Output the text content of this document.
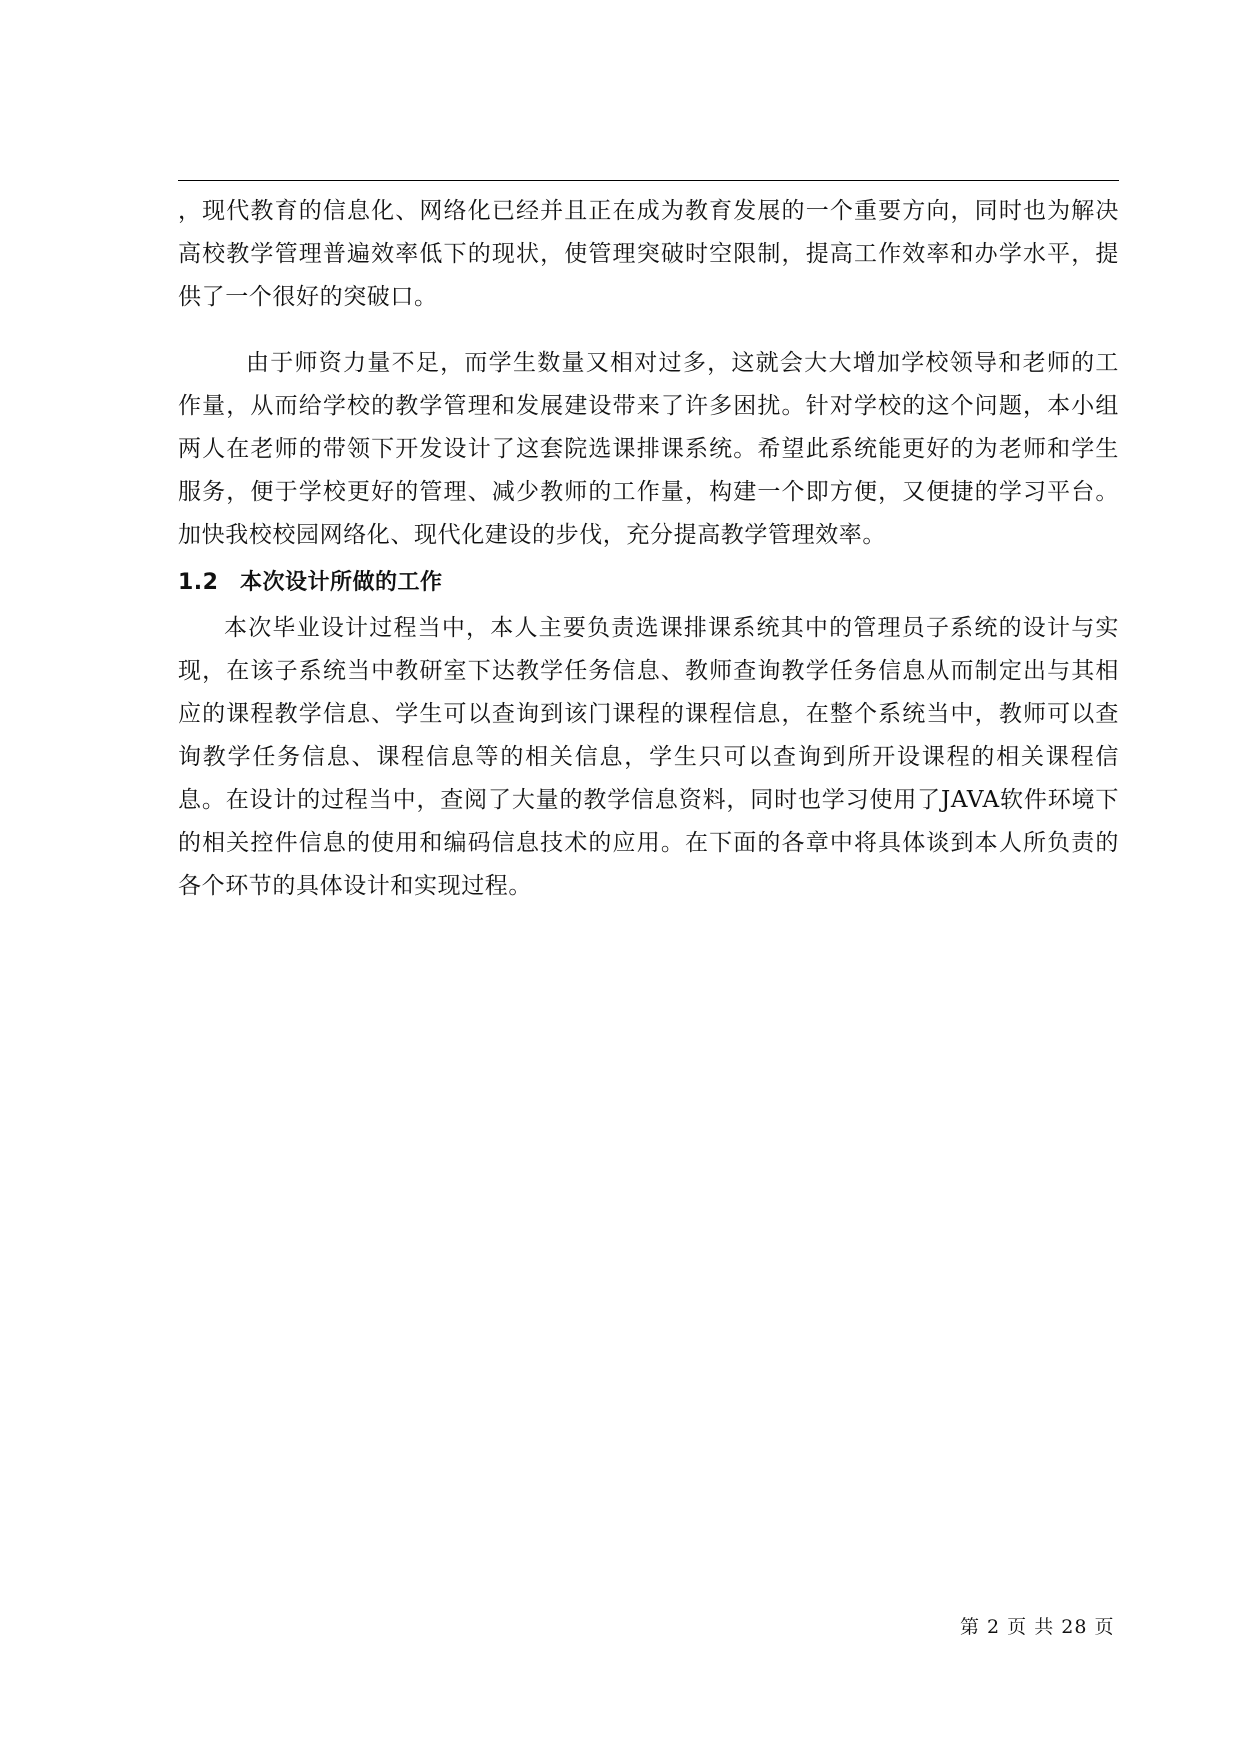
，现代教育的信息化、网络化已经并且正在成为教育发展的一个重要方向，同时也为解决高校教学管理普遍效率低下的现状，使管理突破时空限制，提高工作效率和办学水平，提供了一个很好的突破口。

由于师资力量不足，而学生数量又相对过多，这就会大大增加学校领导和老师的工作量，从而给学校的教学管理和发展建设带来了许多困扰。针对学校的这个问题，本小组两人在老师的带领下开发设计了这套院选课排课系统。希望此系统能更好的为老师和学生服务，便于学校更好的管理、减少教师的工作量，构建一个即方便，又便捷的学习平台。加快我校校园网络化、现代化建设的步伐，充分提高教学管理效率。

1.2 本次设计所做的工作

本次毕业设计过程当中，本人主要负责选课排课系统其中的管理员子系统的设计与实现，在该子系统当中教研室下达教学任务信息、教师查询教学任务信息从而制定出与其相应的课程教学信息、学生可以查询到该门课程的课程信息，在整个系统当中，教师可以查询教学任务信息、课程信息等的相关信息，学生只可以查询到所开设课程的相关课程信息。在设计的过程当中，查阅了大量的教学信息资料，同时也学习使用了JAVA软件环境下的相关控件信息的使用和编码信息技术的应用。在下面的各章中将具体谈到本人所负责的各个环节的具体设计和实现过程。

第 2 页 共 28 页
